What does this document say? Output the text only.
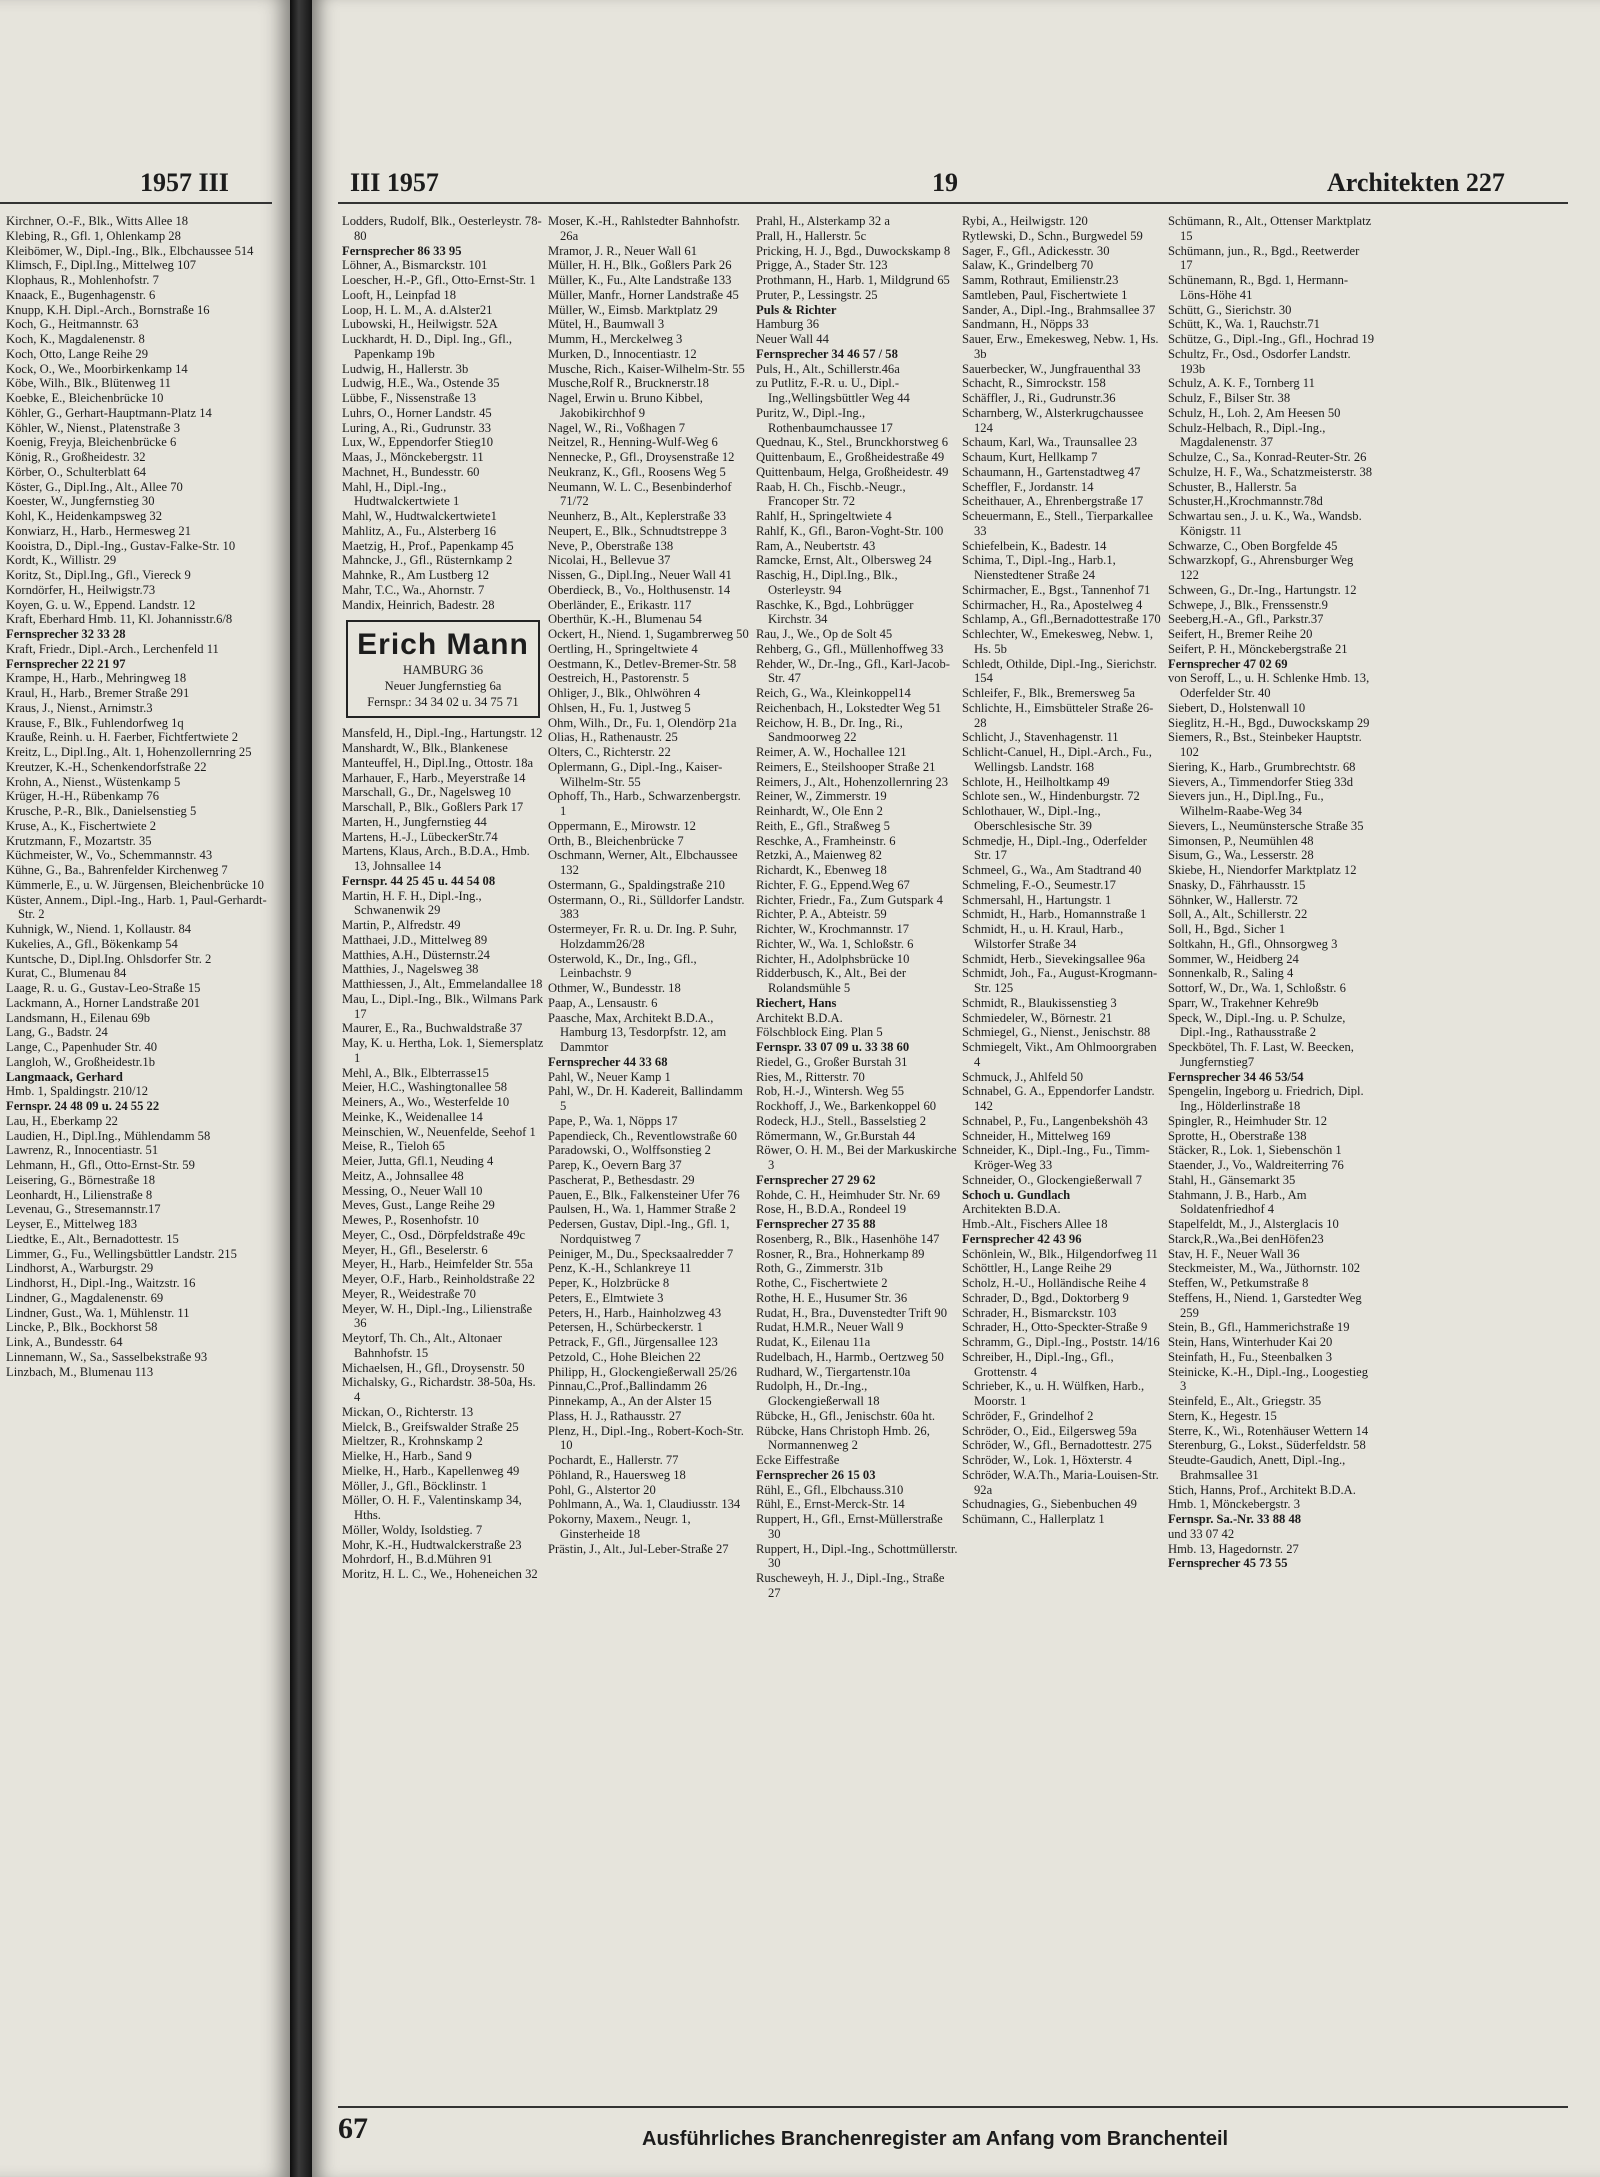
1957 III
Kirchner, O.-F., Blk., Witts Allee 18
Klebing, R., Gfl. 1, Ohlenkamp 28
Kleibömer, W., Dipl.-Ing., Blk., Elbchaussee 514
Klimsch, F., Dipl.Ing., Mittelweg 107
Klophaus, R., Mohlenhofstr. 7
Knaack, E., Bugenhagenstr. 6
Knupp, K.H. Dipl.-Arch., Bornstraße 16
Koch, G., Heitmannstr. 63
Koch, K., Magdalenenstr. 8
Koch, Otto, Lange Reihe 29
Kock, O., We., Moorbirkenkamp 14
Köbe, Wilh., Blk., Blütenweg 11
Koebke, E., Bleichenbrücke 10
Köhler, G., Gerhart-Hauptmann-Platz 14
Köhler, W., Nienst., Platenstraße 3
Koenig, Freyja, Bleichenbrücke 6
König, R., Großheidestr. 32
Körber, O., Schulterblatt 64
Köster, G., Dipl.Ing., Alt., Allee 70
Koester, W., Jungfernstieg 30
Kohl, K., Heidenkampsweg 32
Konwiarz, H., Harb., Hermesweg 21
Kooistra, D., Dipl.-Ing., Gustav-Falke-Str. 10
Kordt, K., Willistr. 29
Koritz, St., Dipl.Ing., Gfl., Viereck 9
Korndörfer, H., Heilwigstr.73
Koyen, G. u. W., Eppend. Landstr. 12
Kraft, Eberhard Hmb. 11, Kl. Johannisstr.6/8
Fernsprecher 32 33 28
Kraft, Friedr., Dipl.-Arch., Lerchenfeld 11
Fernsprecher 22 21 97
Krampe, H., Harb., Mehringweg 18
Kraul, H., Harb., Bremer Straße 291
Kraus, J., Nienst., Arnimstr.3
Krause, F., Blk., Fuhlendorfweg 1q
Krauße, Reinh. u. H. Faerber, Fichtfertwiete 2
Kreitz, L., Dipl.Ing., Alt. 1, Hohenzollernring 25
Kreutzer, K.-H., Schenkendorfstraße 22
Krohn, A., Nienst., Wüstenkamp 5
Krüger, H.-H., Rübenkamp 76
Krusche, P.-R., Blk., Danielsenstieg 5
Kruse, A., K., Fischertwiete 2
Krutzmann, F., Mozartstr. 35
Küchmeister, W., Vo., Schemmannstr. 43
Kühne, G., Ba., Bahrenfelder Kirchenweg 7
Kümmerle, E., u. W. Jürgensen, Bleichenbrücke 10
Küster, Annem., Dipl.-Ing., Harb. 1, Paul-Gerhardt-Str. 2
Kuhnigk, W., Niend. 1, Kollaustr. 84
Kukelies, A., Gfl., Bökenkamp 54
Kuntsche, D., Dipl.Ing. Ohlsdorfer Str. 2
Kurat, C., Blumenau 84
Laage, R. u. G., Gustav-Leo-Straße 15
Lackmann, A., Horner Landstraße 201
Landsmann, H., Eilenau 69b
Lang, G., Badstr. 24
Lange, C., Papenhuder Str. 40
Langloh, W., Großheidestr.1b
Langmaack, Gerhard
Hmb. 1, Spaldingstr. 210/12
Fernspr. 24 48 09 u. 24 55 22
Lau, H., Eberkamp 22
Laudien, H., Dipl.Ing., Mühlendamm 58
Lawrenz, R., Innocentiastr. 51
Lehmann, H., Gfl., Otto-Ernst-Str. 59
Leisering, G., Börnestraße 18
Leonhardt, H., Lilienstraße 8
Levenau, G., Stresemannstr.17
Leyser, E., Mittelweg 183
Liedtke, E., Alt., Bernadottestr. 15
Limmer, G., Fu., Wellingsbüttler Landstr. 215
Lindhorst, A., Warburgstr. 29
Lindhorst, H., Dipl.-Ing., Waitzstr. 16
Lindner, G., Magdalenenstr. 69
Lindner, Gust., Wa. 1, Mühlenstr. 11
Lincke, P., Blk., Bockhorst 58
Link, A., Bundesstr. 64
Linnemann, W., Sa., Sasselbekstraße 93
Linzbach, M., Blumenau 113
III 1957	19	Architekten 227
Lodders, Rudolf, Blk., Oesterleystr. 78-80
Fernsprecher 86 33 95
Löhner, A., Bismarckstr. 101
Loescher, H.-P., Gfl., Otto-Ernst-Str. 1
Looft, H., Leinpfad 18
Loop, H. L. M., A. d.Alster21
Lubowski, H., Heilwigstr. 52A
Luckhardt, H. D., Dipl. Ing., Gfl., Papenkamp 19b
Ludwig, H., Hallerstr. 3b
Ludwig, H.E., Wa., Ostende 35
Lübbe, F., Nissenstraße 13
Luhrs, O., Horner Landstr. 45
Luring, A., Ri., Gudrunstr. 33
Lux, W., Eppendorfer Stieg10
Maas, J., Mönckebergstr. 11
Machnet, H., Bundesstr. 60
Mahl, H., Dipl.-Ing., Hudtwalckertwiete 1
Mahl, W., Hudtwalckertwiete1
Mahlitz, A., Fu., Alsterberg 16
Maetzig, H., Prof., Papenkamp 45
Mahncke, J., Gfl., Rüsternkamp 2
Mahnke, R., Am Lustberg 12
Mahr, T.C., Wa., Ahornstr. 7
Mandix, Heinrich, Badestr. 28
Erich Mann
HAMBURG 36
Neuer Jungfernstieg 6a
Fernspr.: 34 34 02 u. 34 75 71
Mansfeld, H., Dipl.-Ing., Hartungstr. 12
Manshardt, W., Blk., Blankenese
Manteuffel, H., Dipl.Ing., Ottostr. 18a
Marhauer, F., Harb., Meyerstraße 14
Marschall, G., Dr., Nagelsweg 10
Marschall, P., Blk., Goßlers Park 17
Marten, H., Jungfernstieg 44
Martens, H.-J., LübeckerStr.74
Martens, Klaus, Arch., B.D.A., Hmb. 13, Johnsallee 14
Fernspr. 44 25 45 u. 44 54 08
Martin, H. F. H., Dipl.-Ing., Schwanenwik 29
Martin, P., Alfredstr. 49
Matthaei, J.D., Mittelweg 89
Matthies, A.H., Düsternstr.24
Matthies, J., Nagelsweg 38
Matthiessen, J., Alt., Emmelandallee 18
Mau, L., Dipl.-Ing., Blk., Wilmans Park 17
Maurer, E., Ra., Buchwaldstraße 37
May, K. u. Hertha, Lok. 1, Siemersplatz 1
Mehl, A., Blk., Elbterrasse15
Meier, H.C., Washingtonallee 58
Meiners, A., Wo., Westerfelde 10
Meinke, K., Weidenallee 14
Meinschien, W., Neuenfelde, Seehof 1
Meise, R., Tieloh 65
Meier, Jutta, Gfl.1, Neuding 4
Meitz, A., Johnsallee 48
Messing, O., Neuer Wall 10
Meves, Gust., Lange Reihe 29
Mewes, P., Rosenhofstr. 10
Meyer, C., Osd., Dörpfeldstraße 49c
Meyer, H., Gfl., Beselerstr. 6
Meyer, H., Harb., Heimfelder Str. 55a
Meyer, O.F., Harb., Reinholdstraße 22
Meyer, R., Weidestraße 70
Meyer, W. H., Dipl.-Ing., Lilienstraße 36
Meytorf, Th. Ch., Alt., Altonaer Bahnhofstr. 15
Michaelsen, H., Gfl., Droysenstr. 50
Michalsky, G., Richardstr. 38-50a, Hs. 4
Mickan, O., Richterstr. 13
Mielck, B., Greifswalder Straße 25
Mieltzer, R., Krohnskamp 2
Mielke, H., Harb., Sand 9
Mielke, H., Harb., Kapellenweg 49
Möller, J., Gfl., Böcklinstr. 1
Möller, O. H. F., Valentinskamp 34, Hths.
Möller, Woldy, Isoldstieg. 7
Mohr, K.-H., Hudtwalckerstraße 23
Mohrdorf, H., B.d.Mühren 91
Moritz, H. L. C., We., Hoheneichen 32
Moser, K.-H., Rahlstedter Bahnhofstr. 26a
Mramor, J. R., Neuer Wall 61
Müller, H. H., Blk., Goßlers Park 26
Müller, K., Fu., Alte Landstraße 133
Müller, Manfr., Horner Landstraße 45
Müller, W., Eimsb. Marktplatz 29
Mütel, H., Baumwall 3
Mumm, H., Merckelweg 3
Murken, D., Innocentiastr. 12
Musche, Rich., Kaiser-Wilhelm-Str. 55
Musche,Rolf R., Brucknerstr.18
Nagel, Erwin u. Bruno Kibbel, Jakobikirchhof 9
Nagel, W., Ri., Voßhagen 7
Neitzel, R., Henning-Wulf-Weg 6
Nennecke, P., Gfl., Droysenstraße 12
Neukranz, K., Gfl., Roosens Weg 5
Neumann, W. L. C., Besenbinderhof 71/72
Neunherz, B., Alt., Keplerstraße 33
Neupert, E., Blk., Schnudtstreppe 3
Neve, P., Oberstraße 138
Nicolai, H., Bellevue 37
Nissen, G., Dipl.Ing., Neuer Wall 41
Oberdieck, B., Vo., Holthusenstr. 14
Oberländer, E., Erikastr. 117
Oberthür, K.-H., Blumenau 54
Ockert, H., Niend. 1, Sugambrerweg 50
Oertling, H., Springeltwiete 4
Oestmann, K., Detlev-Bremer-Str. 58
Oestreich, H., Pastorenstr. 5
Ohliger, J., Blk., Ohlwöhren 4
Ohlsen, H., Fu. 1, Justweg 5
Ohm, Wilh., Dr., Fu. 1, Olendörp 21a
Olias, H., Rathenaustr. 25
Olters, C., Richterstr. 22
Oplermann, G., Dipl.-Ing., Kaiser-Wilhelm-Str. 55
Ophoff, Th., Harb., Schwarzenbergstr. 1
Oppermann, E., Mirowstr. 12
Orth, B., Bleichenbrücke 7
Oschmann, Werner, Alt., Elbchaussee 132
Ostermann, G., Spaldingstraße 210
Ostermann, O., Ri., Sülldorfer Landstr. 383
Ostermeyer, Fr. R. u. Dr. Ing. P. Suhr, Holzdamm26/28
Osterwold, K., Dr., Ing., Gfl., Leinbachstr. 9
Othmer, W., Bundesstr. 18
Paap, A., Lensaustr. 6
Paasche, Max, Architekt B.D.A., Hamburg 13, Tesdorpfstr. 12, am Dammtor
Fernsprecher 44 33 68
Pahl, W., Neuer Kamp 1
Pahl, W., Dr. H. Kadereit, Ballindamm 5
Pape, P., Wa. 1, Nöpps 17
Papendieck, Ch., Reventlowstraße 60
Paradowski, O., Wolffsonstieg 2
Parep, K., Oevern Barg 37
Pascherat, P., Bethesdastr. 29
Pauen, E., Blk., Falkensteiner Ufer 76
Paulsen, H., Wa. 1, Hammer Straße 2
Pedersen, Gustav, Dipl.-Ing., Gfl. 1, Nordquistweg 7
Peiniger, M., Du., Specksaalredder 7
Penz, K.-H., Schlankreye 11
Peper, K., Holzbrücke 8
Peters, E., Elmtwiete 3
Peters, H., Harb., Hainholzweg 43
Petersen, H., Schürbeckerstr. 1
Petrack, F., Gfl., Jürgensallee 123
Petzold, C., Hohe Bleichen 22
Philipp, H., Glockengießerwall 25/26
Pinnau,C.,Prof.,Ballindamm 26
Pinnekamp, A., An der Alster 15
Plass, H. J., Rathausstr. 27
Plenz, H., Dipl.-Ing., Robert-Koch-Str. 10
Pochardt, E., Hallerstr. 77
Pöhland, R., Hauersweg 18
Pohl, G., Alstertor 20
Pohlmann, A., Wa. 1, Claudiusstr. 134
Pokorny, Maxem., Neugr. 1, Ginsterheide 18
Prästin, J., Alt., Jul-Leber-Straße 27
Prahl, H., Alsterkamp 32 a
Prall, H., Hallerstr. 5c
Pricking, H. J., Bgd., Duwockskamp 8
Prigge, A., Stader Str. 123
Prothmann, H., Harb. 1, Mildgrund 65
Pruter, P., Lessingstr. 25
Puls & Richter
Hamburg 36
Neuer Wall 44
Fernsprecher 34 46 57 / 58
Puls, H., Alt., Schillerstr.46a
zu Putlitz, F.-R. u. U., Dipl.-Ing.,Wellingsbüttler Weg 44
Puritz, W., Dipl.-Ing., Rothenbaumchaussee 17
Quednau, K., Stel., Brunckhorstweg 6
Quittenbaum, E., Großheidestraße 49
Quittenbaum, Helga, Großheidestr. 49
Raab, H. Ch., Fischb.-Neugr., Francoper Str. 72
Rahlf, H., Springeltwiete 4
Rahlf, K., Gfl., Baron-Voght-Str. 100
Ram, A., Neubertstr. 43
Ramcke, Ernst, Alt., Olbersweg 24
Raschig, H., Dipl.Ing., Blk., Osterleystr. 94
Raschke, K., Bgd., Lohbrügger Kirchstr. 34
Rau, J., We., Op de Solt 45
Rehberg, G., Gfl., Müllenhoffweg 33
Rehder, W., Dr.-Ing., Gfl., Karl-Jacob-Str. 47
Reich, G., Wa., Kleinkoppel14
Reichenbach, H., Lokstedter Weg 51
Reichow, H. B., Dr. Ing., Ri., Sandmoorweg 22
Reimer, A. W., Hochallee 121
Reimers, E., Steilshooper Straße 21
Reimers, J., Alt., Hohenzollernring 23
Reiner, W., Zimmerstr. 19
Reinhardt, W., Ole Enn 2
Reith, E., Gfl., Straßweg 5
Reschke, A., Framheinstr. 6
Retzki, A., Maienweg 82
Richardt, K., Ebenweg 18
Richter, F. G., Eppend.Weg 67
Richter, Friedr., Fa., Zum Gutspark 4
Richter, P. A., Abteistr. 59
Richter, W., Krochmannstr. 17
Richter, W., Wa. 1, Schloßstr. 6
Richter, H., Adolphsbrücke 10
Ridderbusch, K., Alt., Bei der Rolandsmühle 5
Riechert, Hans
Architekt B.D.A.
Fölschblock Eing. Plan 5
Fernspr. 33 07 09 u. 33 38 60
Riedel, G., Großer Burstah 31
Ries, M., Ritterstr. 70
Rob, H.-J., Wintersh. Weg 55
Rockhoff, J., We., Barkenkoppel 60
Rodeck, H.J., Stell., Basselstieg 2
Römermann, W., Gr.Burstah 44
Röwer, O. H. M., Bei der Markuskirche 3
Fernsprecher 27 29 62
Rohde, C. H., Heimhuder Str. Nr. 69
Rose, H., B.D.A., Rondeel 19
Fernsprecher 27 35 88
Rosenberg, R., Blk., Hasenhöhe 147
Rosner, R., Bra., Hohnerkamp 89
Roth, G., Zimmerstr. 31b
Rothe, C., Fischertwiete 2
Rothe, H. E., Husumer Str. 36
Rudat, H., Bra., Duvenstedter Trift 90
Rudat, H.M.R., Neuer Wall 9
Rudat, K., Eilenau 11a
Rudelbach, H., Harmb., Oertzweg 50
Rudhard, W., Tiergartenstr.10a
Rudolph, H., Dr.-Ing., Glockengießerwall 18
Rübcke, H., Gfl., Jenischstr. 60a ht.
Rübcke, Hans Christoph Hmb. 26, Normannenweg 2
Ecke Eiffestraße
Fernsprecher 26 15 03
Rühl, E., Gfl., Elbchauss.310
Rühl, E., Ernst-Merck-Str. 14
Ruppert, H., Gfl., Ernst-Müllerstraße 30
Ruppert, H., Dipl.-Ing., Schottmüllerstr. 30
Ruscheweyh, H. J., Dipl.-Ing., Straße 27
Rybi, A., Heilwigstr. 120
Rytlewski, D., Schn., Burgwedel 59
Sager, F., Gfl., Adickesstr. 30
Salaw, K., Grindelberg 70
Samm, Rothraut, Emilienstr.23
Samtleben, Paul, Fischertwiete 1
Sander, A., Dipl.-Ing., Brahmsallee 37
Sandmann, H., Nöpps 33
Sauer, Erw., Emekesweg, Nebw. 1, Hs. 3b
Sauerbecker, W., Jungfrauenthal 33
Schacht, R., Simrockstr. 158
Schäffler, J., Ri., Gudrunstr.36
Scharnberg, W., Alsterkrugchaussee 124
Schaum, Karl, Wa., Traunsallee 23
Schaum, Kurt, Hellkamp 7
Schaumann, H., Gartenstadtweg 47
Scheffler, F., Jordanstr. 14
Scheithauer, A., Ehrenbergstraße 17
Scheuermann, E., Stell., Tierparkallee 33
Schiefelbein, K., Badestr. 14
Schima, T., Dipl.-Ing., Harb.1, Nienstedtener Straße 24
Schirmacher, E., Bgst., Tannenhof 71
Schirmacher, H., Ra., Apostelweg 4
Schlamp, A., Gfl.,Bernadottestraße 170
Schlechter, W., Emekesweg, Nebw. 1, Hs. 5b
Schledt, Othilde, Dipl.-Ing., Sierichstr. 154
Schleifer, F., Blk., Bremersweg 5a
Schlichte, H., Eimsbütteler Straße 26-28
Schlicht, J., Stavenhagenstr. 11
Schlicht-Canuel, H., Dipl.-Arch., Fu., Wellingsb. Landstr. 168
Schlote, H., Heilholtkamp 49
Schlote sen., W., Hindenburgstr. 72
Schlothauer, W., Dipl.-Ing., Oberschlesische Str. 39
Schmedje, H., Dipl.-Ing., Oderfelder Str. 17
Schmeel, G., Wa., Am Stadtrand 40
Schmeling, F.-O., Seumestr.17
Schmersahl, H., Hartungstr. 1
Schmidt, H., Harb., Homannstraße 1
Schmidt, H., u. H. Kraul, Harb., Wilstorfer Straße 34
Schmidt, Herb., Sievekingsallee 96a
Schmidt, Joh., Fa., August-Krogmann-Str. 125
Schmidt, R., Blaukissenstieg 3
Schmiedeler, W., Börnestr. 21
Schmiegel, G., Nienst., Jenischstr. 88
Schmiegelt, Vikt., Am Ohlmoorgraben 4
Schmuck, J., Ahlfeld 50
Schnabel, G. A., Eppendorfer Landstr. 142
Schnabel, P., Fu., Langenbekshöh 43
Schneider, H., Mittelweg 169
Schneider, K., Dipl.-Ing., Fu., Timm-Kröger-Weg 33
Schneider, O., Glockengießerwall 7
Schoch u. Gundlach
Architekten B.D.A.
Hmb.-Alt., Fischers Allee 18
Fernsprecher 42 43 96
Schönlein, W., Blk., Hilgendorfweg 11
Schöttler, H., Lange Reihe 29
Scholz, H.-U., Holländische Reihe 4
Schrader, D., Bgd., Doktorberg 9
Schrader, H., Bismarckstr. 103
Schrader, H., Otto-Speckter-Straße 9
Schramm, G., Dipl.-Ing., Poststr. 14/16
Schreiber, H., Dipl.-Ing., Gfl., Grottenstr. 4
Schrieber, K., u. H. Wülfken, Harb., Moorstr. 1
Schröder, F., Grindelhof 2
Schröder, O., Eid., Eilgersweg 59a
Schröder, W., Gfl., Bernadottestr. 275
Schröder, W., Lok. 1, Höxterstr. 4
Schröder, W.A.Th., Maria-Louisen-Str. 92a
Schudnagies, G., Siebenbuchen 49
Schümann, C., Hallerplatz 1
Schümann, R., Alt., Ottenser Marktplatz 15
Schümann, jun., R., Bgd., Reetwerder 17
Schünemann, R., Bgd. 1, Hermann-Löns-Höhe 41
Schütt, G., Sierichstr. 30
Schütt, K., Wa. 1, Rauchstr.71
Schütze, G., Dipl.-Ing., Gfl., Hochrad 19
Schultz, Fr., Osd., Osdorfer Landstr. 193b
Schulz, A. K. F., Tornberg 11
Schulz, F., Bilser Str. 38
Schulz, H., Loh. 2, Am Heesen 50
Schulz-Helbach, R., Dipl.-Ing., Magdalenenstr. 37
Schulze, C., Sa., Konrad-Reuter-Str. 26
Schulze, H. F., Wa., Schatzmeisterstr. 38
Schuster, B., Hallerstr. 5a
Schuster,H.,Krochmannstr.78d
Schwartau sen., J. u. K., Wa., Wandsb. Königstr. 11
Schwarze, C., Oben Borgfelde 45
Schwarzkopf, G., Ahrensburger Weg 122
Schween, G., Dr.-Ing., Hartungstr. 12
Schwepe, J., Blk., Frenssenstr.9
Seeberg,H.-A., Gfl., Parkstr.37
Seifert, H., Bremer Reihe 20
Seifert, P. H., Mönckebergstraße 21
Fernsprecher 47 02 69
von Seroff, L., u. H. Schlenke Hmb. 13, Oderfelder Str. 40
Siebert, D., Holstenwall 10
Sieglitz, H.-H., Bgd., Duwockskamp 29
Siemers, R., Bst., Steinbeker Hauptstr. 102
Siering, K., Harb., Grumbrechtstr. 68
Sievers, A., Timmendorfer Stieg 33d
Sievers jun., H., Dipl.Ing., Fu., Wilhelm-Raabe-Weg 34
Sievers, L., Neumünstersche Straße 35
Simonsen, P., Neumühlen 48
Sisum, G., Wa., Lesserstr. 28
Skiebe, H., Niendorfer Marktplatz 12
Snasky, D., Fährhausstr. 15
Söhnker, W., Hallerstr. 72
Soll, A., Alt., Schillerstr. 22
Soll, H., Bgd., Sicher 1
Soltkahn, H., Gfl., Ohnsorgweg 3
Sommer, W., Heidberg 24
Sonnenkalb, R., Saling 4
Sottorf, W., Dr., Wa. 1, Schloßstr. 6
Sparr, W., Trakehner Kehre9b
Speck, W., Dipl.-Ing. u. P. Schulze, Dipl.-Ing., Rathausstraße 2
Speckbötel, Th. F. Last, W. Beecken, Jungfernstieg7
Fernsprecher 34 46 53/54
Spengelin, Ingeborg u. Friedrich, Dipl. Ing., Hölderlinstraße 18
Spingler, R., Heimhuder Str. 12
Sprotte, H., Oberstraße 138
Stäcker, R., Lok. 1, Siebenschön 1
Staender, J., Vo., Waldreiterring 76
Stahl, H., Gänsemarkt 35
Stahmann, J. B., Harb., Am Soldatenfriedhof 4
Stapelfeldt, M., J., Alsterglacis 10
Starck,R.,Wa.,Bei denHöfen23
Stav, H. F., Neuer Wall 36
Steckmeister, M., Wa., Jüthornstr. 102
Steffen, W., Petkumstraße 8
Steffens, H., Niend. 1, Garstedter Weg 259
Stein, B., Gfl., Hammerichstraße 19
Stein, Hans, Winterhuder Kai 20
Steinfath, H., Fu., Steenbalken 3
Steinicke, K.-H., Dipl.-Ing., Loogestieg 3
Steinfeld, E., Alt., Griegstr. 35
Stern, K., Hegestr. 15
Sterre, K., Wi., Rotenhäuser Wettern 14
Sterenburg, G., Lokst., Süderfeldstr. 58
Steudte-Gaudich, Anett, Dipl.-Ing., Brahmsallee 31
Stich, Hanns, Prof., Architekt B.D.A.
Hmb. 1, Mönckebergstr. 3
Fernspr. Sa.-Nr. 33 88 48
und 33 07 42
Hmb. 13, Hagedornstr. 27
Fernsprecher 45 73 55
67	Ausführliches Branchenregister am Anfang vom Branchenteil
